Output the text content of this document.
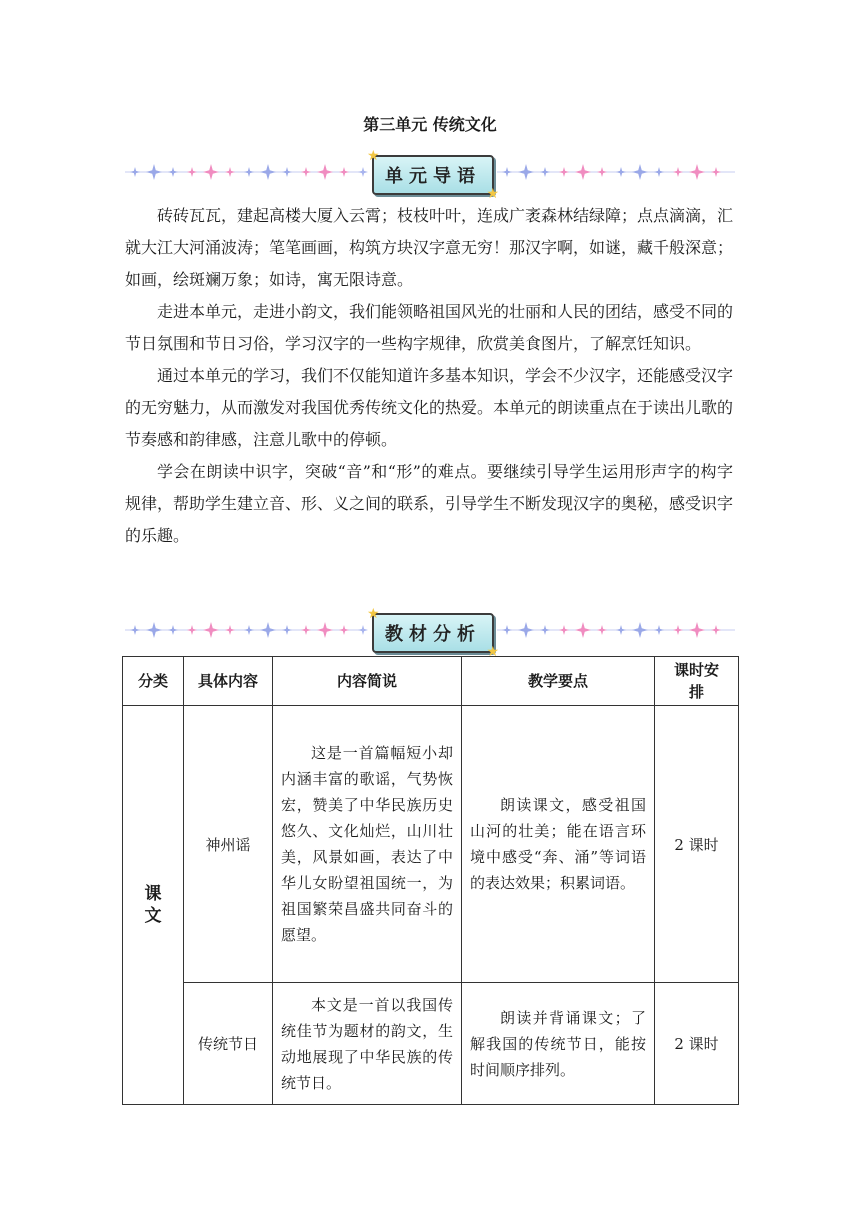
第三单元 传统文化
★
单元导语
★

砖砖瓦瓦，建起高楼大厦入云霄；枝枝叶叶，连成广袤森林结绿障；点点滴滴，汇就大江大河涌波涛；笔笔画画，构筑方块汉字意无穷！那汉字啊，如谜，藏千般深意；如画，绘斑斓万象；如诗，寓无限诗意。

走进本单元，走进小韵文，我们能领略祖国风光的壮丽和人民的团结，感受不同的节日氛围和节日习俗，学习汉字的一些构字规律，欣赏美食图片，了解烹饪知识。

通过本单元的学习，我们不仅能知道许多基本知识，学会不少汉字，还能感受汉字的无穷魅力，从而激发对我国优秀传统文化的热爱。本单元的朗读重点在于读出儿歌的节奏感和韵律感，注意儿歌中的停顿。

学会在朗读中识字，突破“音”和“形”的难点。要继续引导学生运用形声字的构字规律，帮助学生建立音、形、义之间的联系，引导学生不断发现汉字的奥秘，感受识字的乐趣。

★
教材分析
★
分类	具体内容	内容简说	教学要点	课时安排
课文	神州谣	这是一首篇幅短小却内涵丰富的歌谣，气势恢宏，赞美了中华民族历史悠久、文化灿烂，山川壮美，风景如画，表达了中华儿女盼望祖国统一，为祖国繁荣昌盛共同奋斗的愿望。	朗读课文，感受祖国山河的壮美；能在语言环境中感受“奔、涌”等词语的表达效果；积累词语。	2 课时
	传统节日	本文是一首以我国传统佳节为题材的韵文，生动地展现了中华民族的传统节日。	朗读并背诵课文；了解我国的传统节日，能按时间顺序排列。	2 课时
